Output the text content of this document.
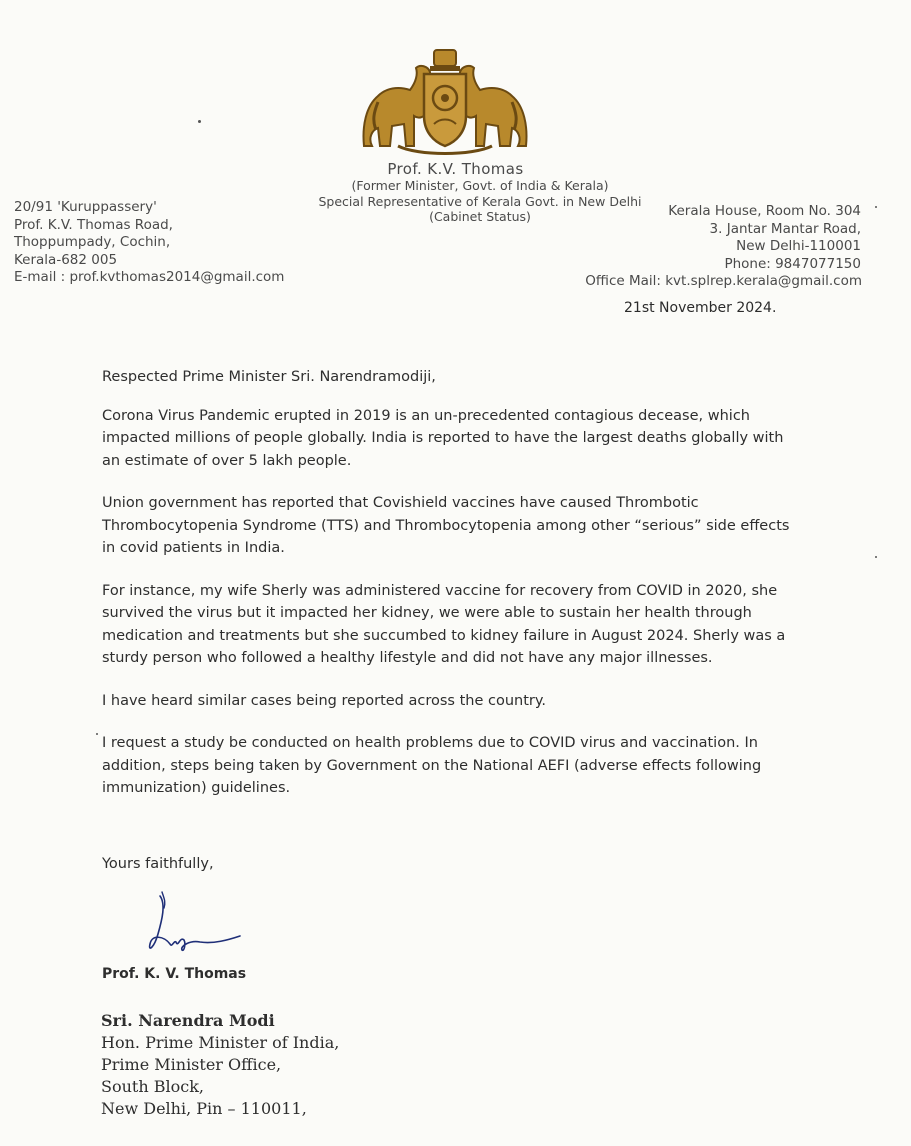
Prof. K.V. Thomas
(Former Minister, Govt. of India & Kerala)
Special Representative of Kerala Govt. in New Delhi
(Cabinet Status)
20/91 'Kuruppassery'
Prof. K.V. Thomas Road,
Thoppumpady, Cochin,
Kerala-682 005
E-mail : prof.kvthomas2014@gmail.com
Kerala House, Room No. 304
3. Jantar Mantar Road,
New Delhi-110001
Phone: 9847077150
Office Mail: kvt.splrep.kerala@gmail.com
21st November 2024.

Respected Prime Minister Sri. Narendramodiji,

Corona Virus Pandemic erupted in 2019 is an un-precedented contagious decease, which impacted millions of people globally. India is reported to have the largest deaths globally with an estimate of over 5 lakh people.

Union government has reported that Covishield vaccines have caused Thrombotic Thrombocytopenia Syndrome (TTS) and Thrombocytopenia among other “serious” side effects in covid patients in India.

For instance, my wife Sherly was administered vaccine for recovery from COVID in 2020, she survived the virus but it impacted her kidney, we were able to sustain her health through medication and treatments but she succumbed to kidney failure in August 2024. Sherly was a sturdy person who followed a healthy lifestyle and did not have any major illnesses.

I have heard similar cases being reported across the country.

I request a study be conducted on health problems due to COVID virus and vaccination. In addition, steps being taken by Government on the National AEFI (adverse effects following immunization) guidelines.

Yours faithfully,
Prof. K. V. Thomas
Sri. Narendra Modi
Hon. Prime Minister of India,
Prime Minister Office,
South Block,
New Delhi, Pin – 110011,
